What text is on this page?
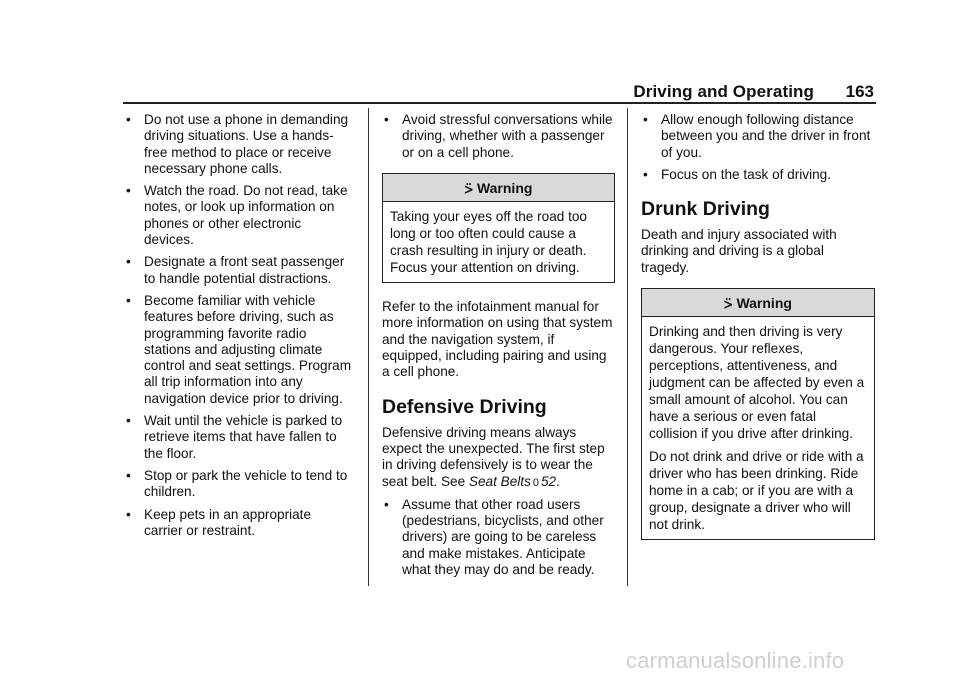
Driving and Operating 163
• Do not use a phone in demanding driving situations. Use a hands-free method to place or receive necessary phone calls.
• Watch the road. Do not read, take notes, or look up information on phones or other electronic devices.
• Designate a front seat passenger to handle potential distractions.
• Become familiar with vehicle features before driving, such as programming favorite radio stations and adjusting climate control and seat settings. Program all trip information into any navigation device prior to driving.
• Wait until the vehicle is parked to retrieve items that have fallen to the floor.
• Stop or park the vehicle to tend to children.
• Keep pets in an appropriate carrier or restraint.
• Avoid stressful conversations while driving, whether with a passenger or on a cell phone.
⍩ Warning

Taking your eyes off the road too long or too often could cause a crash resulting in injury or death. Focus your attention on driving.

Refer to the infotainment manual for more information on using that system and the navigation system, if equipped, including pairing and using a cell phone.
Defensive Driving
Defensive driving means always expect the unexpected. The first step in driving defensively is to wear the seat belt. See Seat Belts 0 52.
• Assume that other road users (pedestrians, bicyclists, and other drivers) are going to be careless and make mistakes. Anticipate what they may do and be ready.
• Allow enough following distance between you and the driver in front of you.
• Focus on the task of driving.
Drunk Driving
Death and injury associated with drinking and driving is a global tragedy.
⍩ Warning

Drinking and then driving is very dangerous. Your reflexes, perceptions, attentiveness, and judgment can be affected by even a small amount of alcohol. You can have a serious or even fatal collision if you drive after drinking.

Do not drink and drive or ride with a driver who has been drinking. Ride home in a cab; or if you are with a group, designate a driver who will not drink.

carmanualsonline.info
